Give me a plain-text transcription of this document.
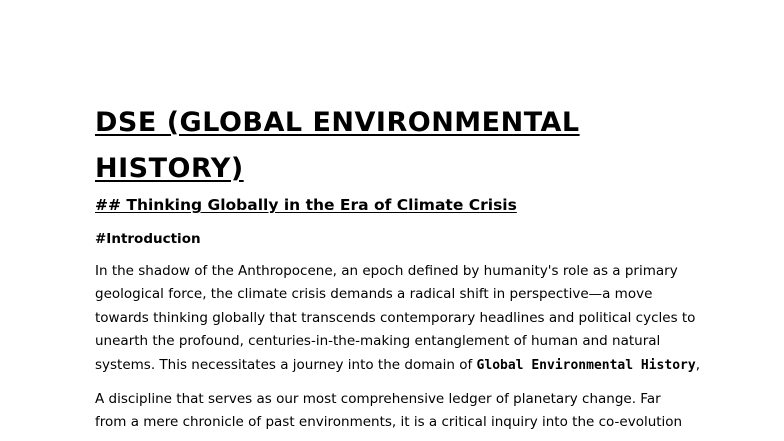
DSE (GLOBAL ENVIRONMENTAL HISTORY)
## Thinking Globally in the Era of Climate Crisis
#Introduction

In the shadow of the Anthropocene, an epoch defined by humanity's role as a primary
geological force, the climate crisis demands a radical shift in perspective—a move
towards thinking globally that transcends contemporary headlines and political cycles to
unearth the profound, centuries-in-the-making entanglement of human and natural
systems. This necessitates a journey into the domain of Global Environmental History,

A discipline that serves as our most comprehensive ledger of planetary change. Far
from a mere chronicle of past environments, it is a critical inquiry into the co-evolution
